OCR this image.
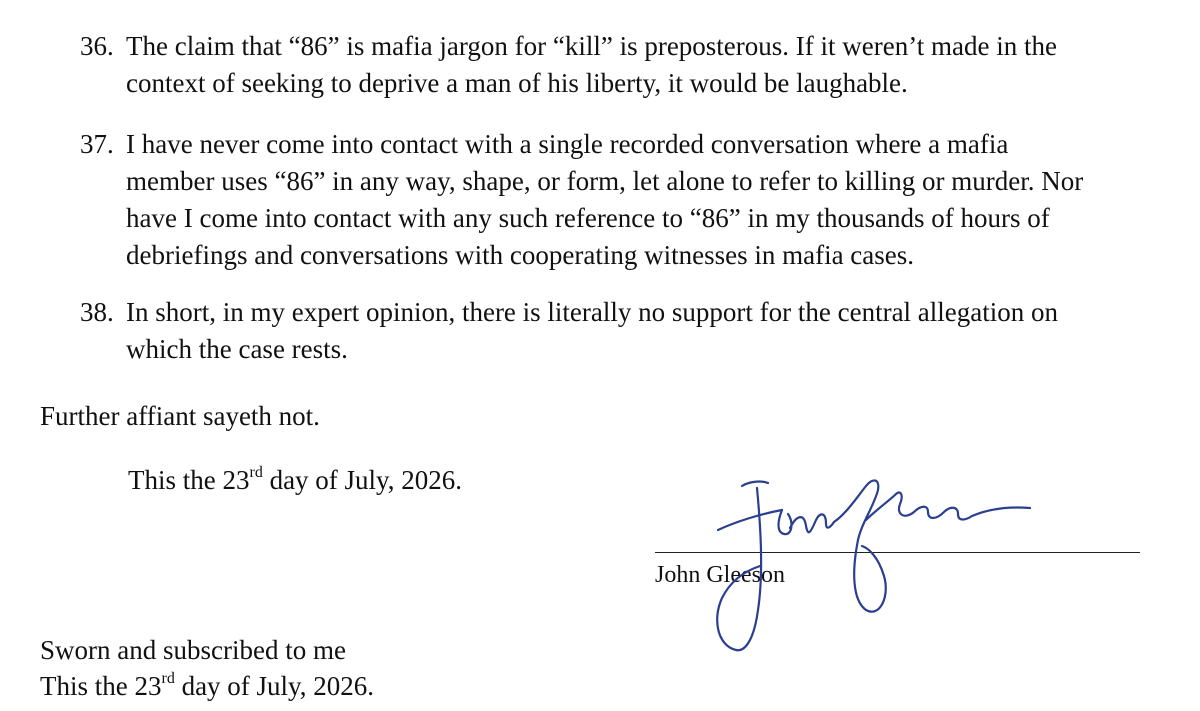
36. The claim that “86” is mafia jargon for “kill” is preposterous. If it weren’t made in the
context of seeking to deprive a man of his liberty, it would be laughable.
37. I have never come into contact with a single recorded conversation where a mafia
member uses “86” in any way, shape, or form, let alone to refer to killing or murder. Nor
have I come into contact with any such reference to “86” in my thousands of hours of
debriefings and conversations with cooperating witnesses in mafia cases.
38. In short, in my expert opinion, there is literally no support for the central allegation on
which the case rests.
Further affiant sayeth not.
This the 23rd day of July, 2026.
John Gleeson
Sworn and subscribed to me
This the 23rd day of July, 2026.
